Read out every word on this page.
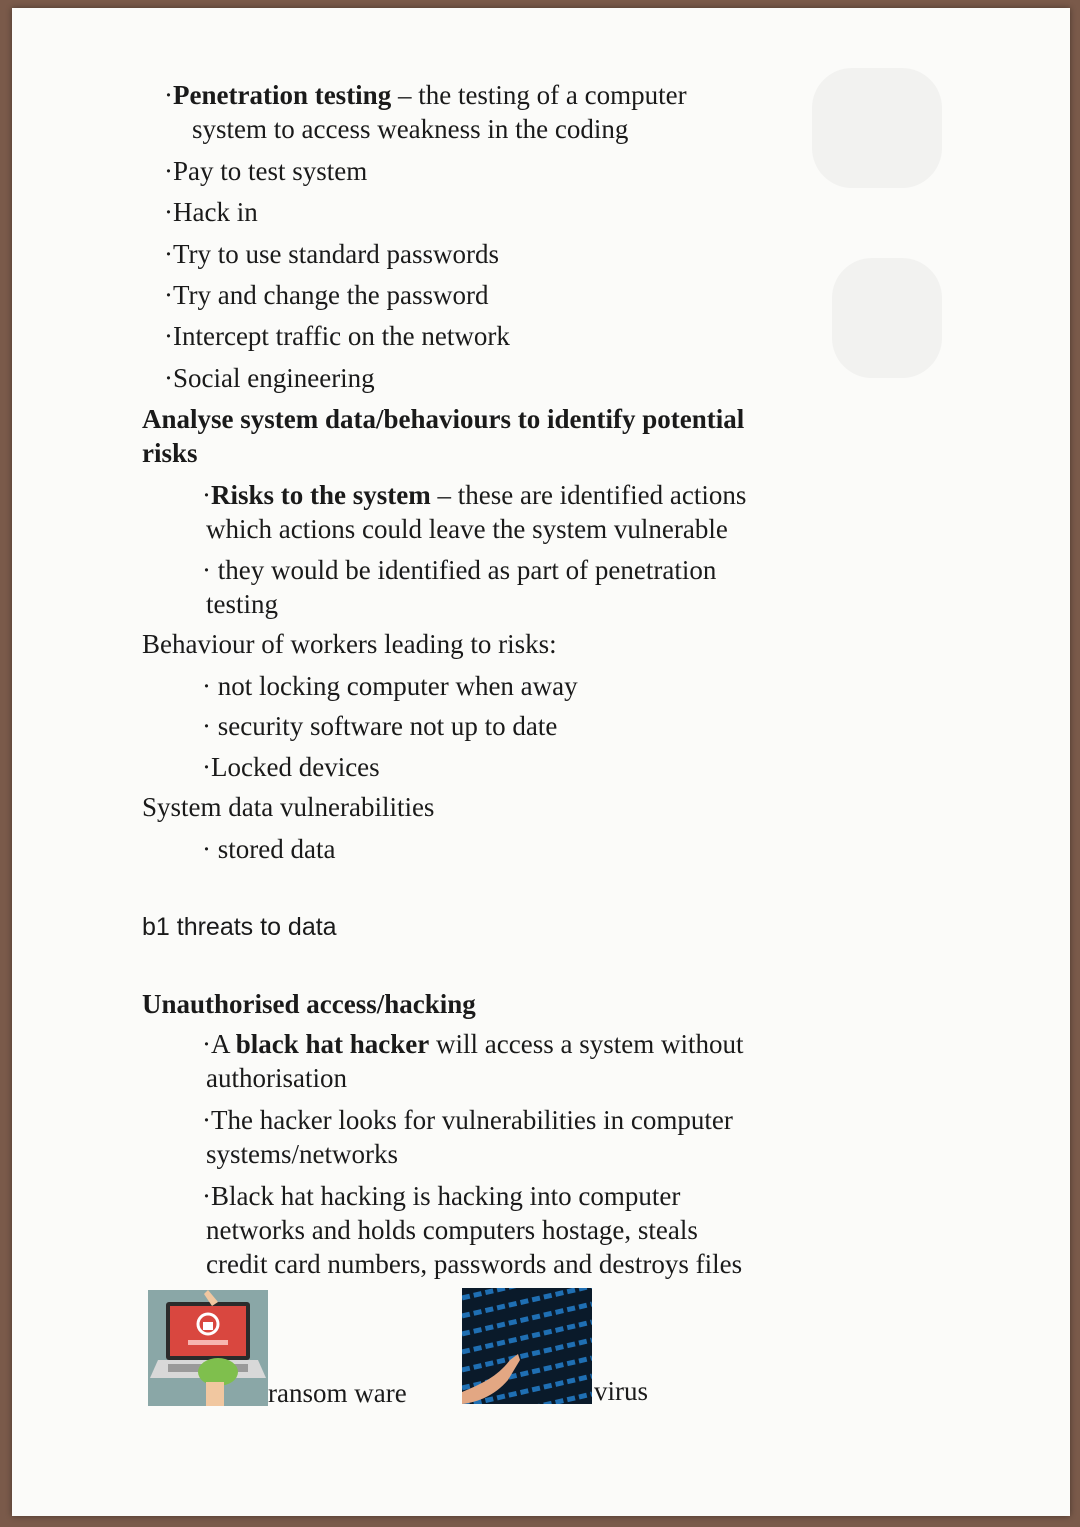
·Penetration testing – the testing of a computer
system to access weakness in the coding
·Pay to test system
·Hack in
·Try to use standard passwords
·Try and change the password
·Intercept traffic on the network
·Social engineering
Analyse system data/behaviours to identify potential
risks
·Risks to the system – these are identified actions
which actions could leave the system vulnerable
· they would be identified as part of penetration
testing
Behaviour of workers leading to risks:
· not locking computer when away
· security software not up to date
·Locked devices
System data vulnerabilities
· stored data
b1 threats to data
Unauthorised access/hacking
·A black hat hacker will access a system without
authorisation
·The hacker looks for vulnerabilities in computer
systems/networks
·Black hat hacking is hacking into computer
networks and holds computers hostage, steals
credit card numbers, passwords and destroys files
ransom ware	virus
